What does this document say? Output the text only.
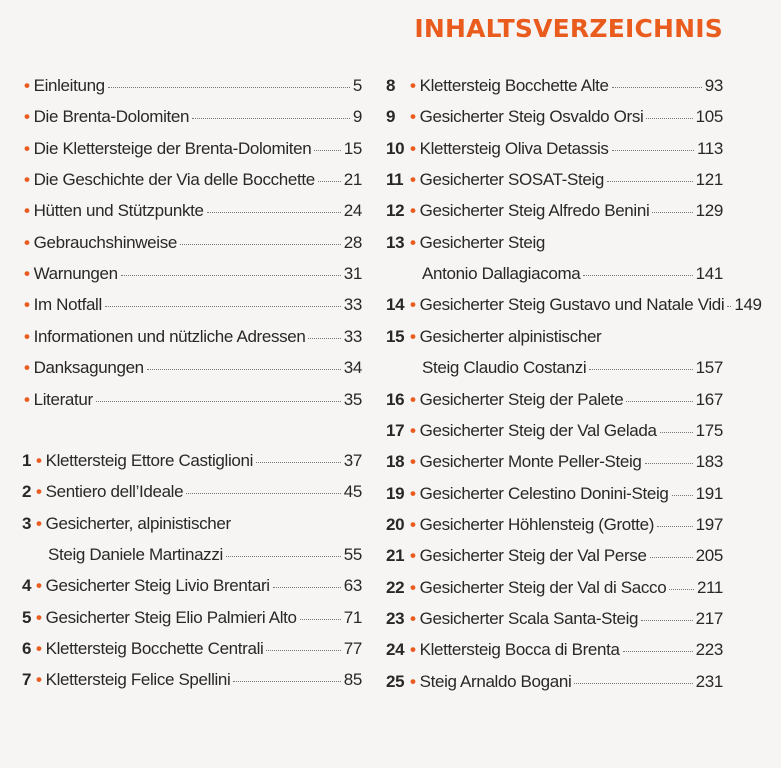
INHALTSVERZEICHNIS
• Einleitung	5
• Die Brenta-Dolomiten	9
• Die Klettersteige der Brenta-Dolomiten 15
• Die Geschichte der Via delle Bocchette 21
• Hütten und Stützpunkte	24
• Gebrauchshinweise	28
• Warnungen	31
• Im Notfall	33
• Informationen und nützliche Adressen 33
• Danksagungen	34
• Literatur	35
1 • Klettersteig Ettore Castiglioni	37
2 • Sentiero dell’Ideale	45
3 • Gesicherter, alpinistischer
Steig Daniele Martinazzi	55
4 • Gesicherter Steig Livio Brentari	63
5 • Gesicherter Steig Elio Palmieri Alto	71
6 • Klettersteig Bocchette Centrali	77
7 • Klettersteig Felice Spellini	85
8 • Klettersteig Bocchette Alte	93
9 • Gesicherter Steig Osvaldo Orsi	105
10 • Klettersteig Oliva Detassis	113
11 • Gesicherter SOSAT-Steig	121
12 • Gesicherter Steig Alfredo Benini	129
13 • Gesicherter Steig
Antonio Dallagiacoma	141
14 • Gesicherter Steig Gustavo und Natale Vidi 149
15 • Gesicherter alpinistischer
Steig Claudio Costanzi	157
16 • Gesicherter Steig der Palete	167
17 • Gesicherter Steig der Val Gelada 175
18 • Gesicherter Monte Peller-Steig	183
19 • Gesicherter Celestino Donini-Steig 191
20 • Gesicherter Höhlensteig (Grotte) 197
21 • Gesicherter Steig der Val Perse	205
22 • Gesicherter Steig der Val di Sacco 211
23 • Gesicherter Scala Santa-Steig	217
24 • Klettersteig Bocca di Brenta	223
25 • Steig Arnaldo Bogani	231
